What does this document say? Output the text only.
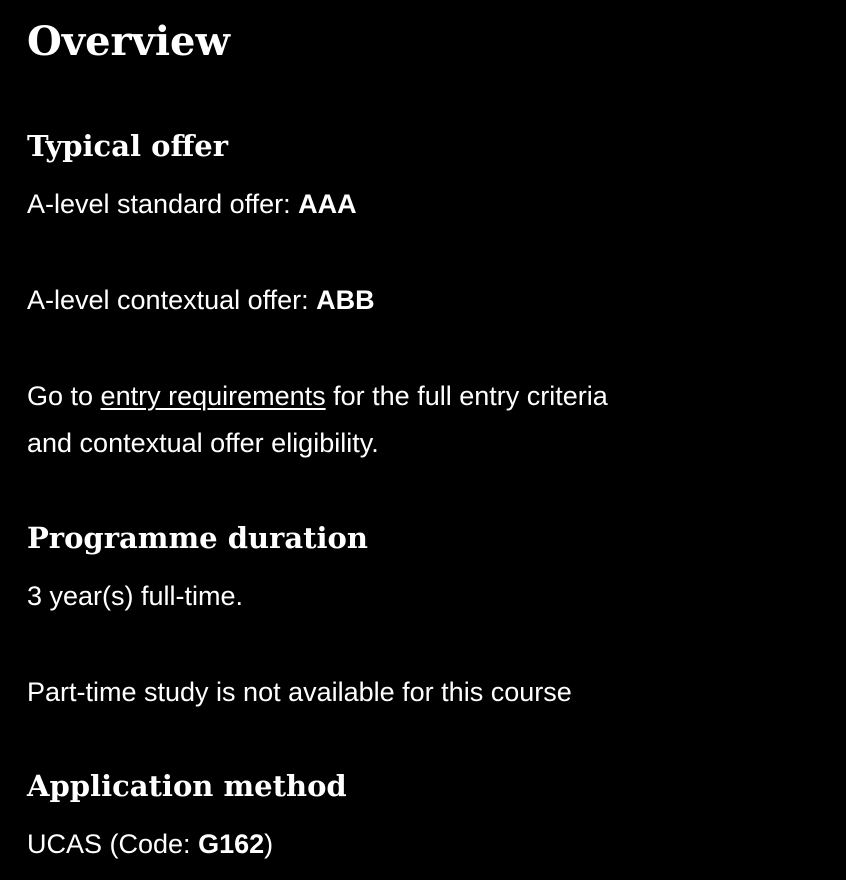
Overview
Typical offer

A-level standard offer: AAA

A-level contextual offer: ABB

Go to entry requirements for the full entry criteria

and contextual offer eligibility.

Programme duration

3 year(s) full-time.

Part-time study is not available for this course

Application method

UCAS (Code: G162)
